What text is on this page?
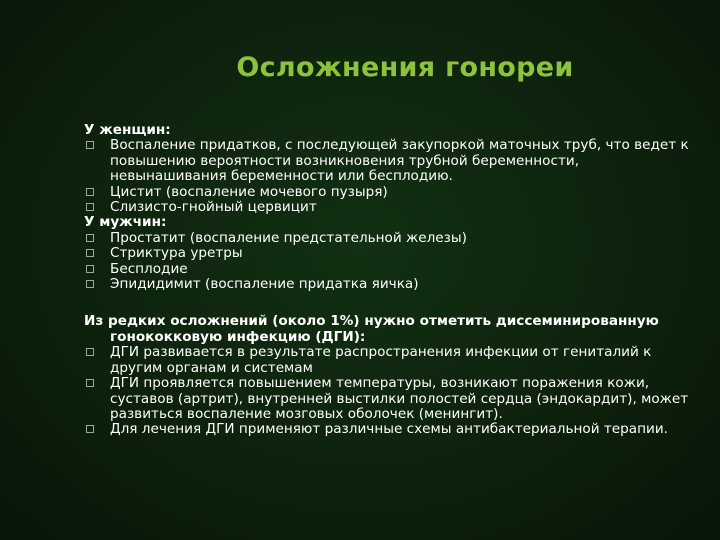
Осложнения гонореи
У женщин:
Воспаление придатков, с последующей закупоркой маточных труб, что ведет к повышению вероятности возникновения трубной беременности, невынашивания беременности или бесплодию.
Цистит (воспаление мочевого пузыря)
Слизисто-гнойный цервицит
У мужчин:
Простатит (воспаление предстательной железы)
Стриктура уретры
Бесплодие
Эпидидимит (воспаление придатка яичка)
Из редких осложнений (около 1%) нужно отметить диссеминированную гонококковую инфекцию (ДГИ):
ДГИ развивается в результате распространения инфекции от гениталий к другим органам и системам
ДГИ проявляется повышением температуры, возникают поражения кожи, суставов (артрит), внутренней выстилки полостей сердца (эндокардит), может развиться воспаление мозговых оболочек (менингит).
Для лечения ДГИ применяют различные схемы антибактериальной терапии.
